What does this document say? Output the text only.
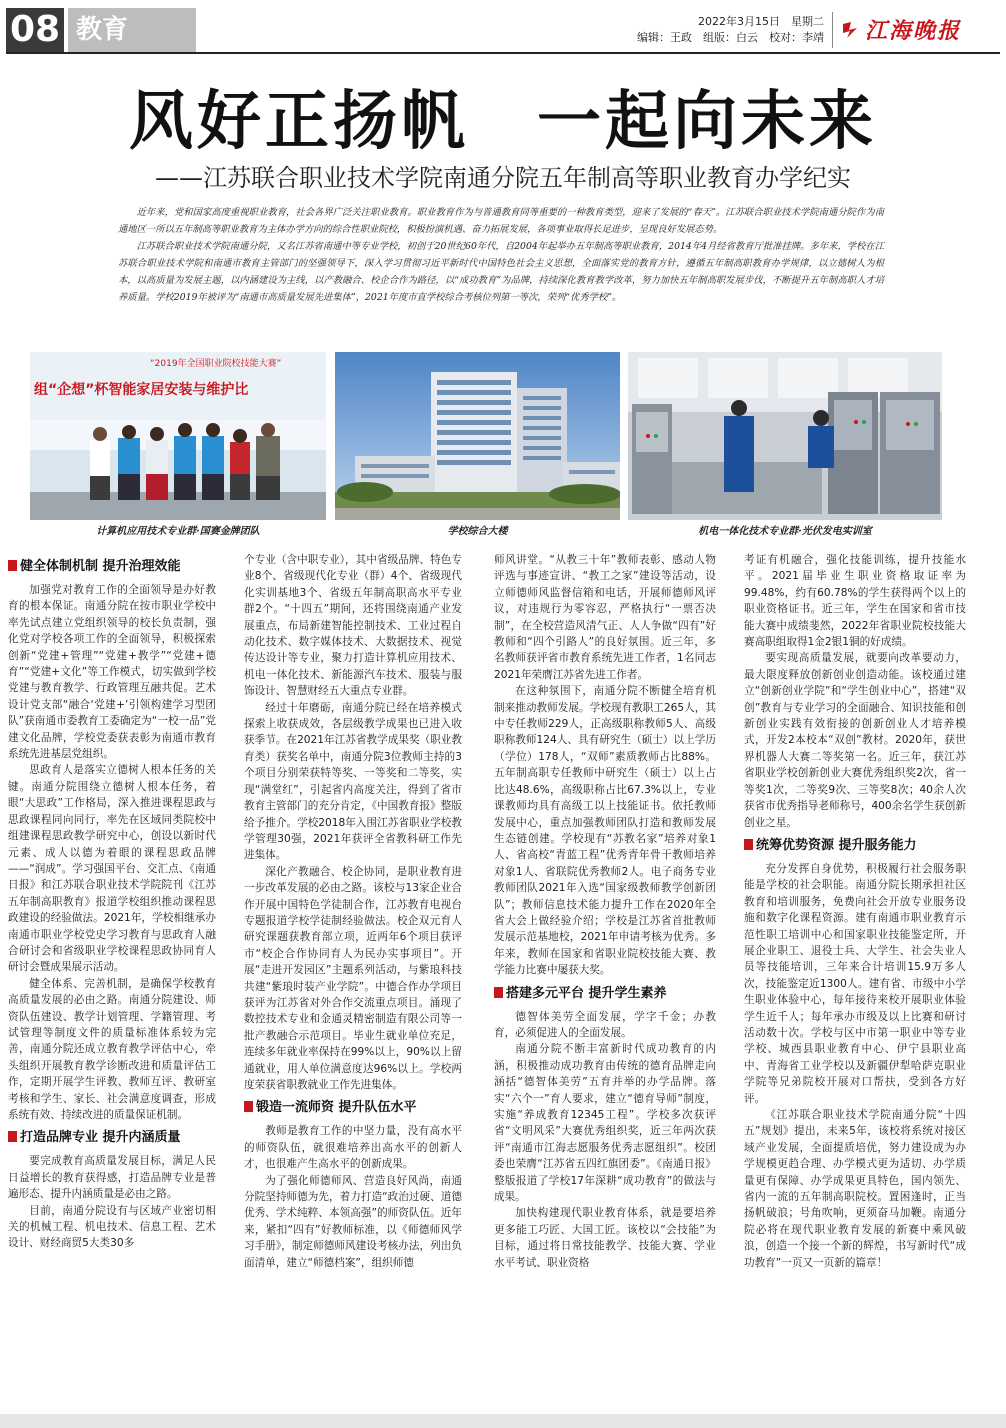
08 教育	2022年3月15日　星期二
编辑：王政　组版：白云　校对：李靖 江海晚报
风好正扬帆　一起向未来
——江苏联合职业技术学院南通分院五年制高等职业教育办学纪实

近年来，党和国家高度重视职业教育，社会各界广泛关注职业教育。职业教育作为与普通教育同等重要的一种教育类型，迎来了发展的“春天”。江苏联合职业技术学院南通分院作为南通地区一所以五年制高等职业教育为主体办学方向的综合性职业院校，积极扮演机遇、奋力拓展发展，各项事业取得长足进步，呈现良好发展态势。

江苏联合职业技术学院南通分院，又名江苏省南通中等专业学校，初创于20世纪60年代，自2004年起举办五年制高等职业教育，2014年4月经省教育厅批准挂牌。多年来，学校在江苏联合职业技术学院和南通市教育主管部门的坚强领导下，深入学习贯彻习近平新时代中国特色社会主义思想，全面落实党的教育方针，遵循五年制高职教育办学规律，以立德树人为根本，以高质量为发展主题，以内涵建设为主线，以产教融合、校企合作为路径，以“成功教育”为品牌，持续深化教育教学改革，努力加快五年制高职发展步伐，不断提升五年制高职人才培养质量。学校2019年被评为“南通市高质量发展先进集体”，2021年度市直学校综合考核位列第一等次，荣列“优秀学校”。

“2019年全国职业院校技能大赛”
组“企想”杯智能家居安装与维护比
计算机应用技术专业群·国赛金牌团队	学校综合大楼	机电一体化技术专业群·光伏发电实训室
健全体制机制 提升治理效能

加强党对教育工作的全面领导是办好教育的根本保证。南通分院在按市职业学校中率先试点建立党组织领导的校长负责制，强化党对学校各项工作的全面领导，积极探索创新“党建+管理”“党建+教学”“党建+德育”“党建+文化”等工作模式，切实做到学校党建与教育教学、行政管理互融共促。艺术设计党支部“融合‘党建+’引领构建学习型团队”获南通市委教育工委确定为“一校一品”党建文化品牌，学校党委获表彰为南通市教育系统先进基层党组织。

思政育人是落实立德树人根本任务的关键。南通分院围绕立德树人根本任务，着眼“大思政”工作格局，深入推进课程思政与思政课程同向同行，率先在区域同类院校中组建课程思政教学研究中心，创设以新时代元素、成人以德为着眼的课程思政品牌——“润成”。学习强国平台、交汇点、《南通日报》和江苏联合职业技术学院院刊《江苏五年制高职教育》报道学校组织推动课程思政建设的经验做法。2021年，学校相继承办南通市职业学校党史学习教育与思政育人融合研讨会和省级职业学校课程思政协同育人研讨会暨成果展示活动。

健全体系、完善机制，是确保学校教育高质量发展的必由之路。南通分院建设、师资队伍建设、教学计划管理、学籍管理、考试管理等制度文件的质量标准体系较为完善，南通分院还成立教育教学评估中心，牵头组织开展教育教学诊断改进和质量评估工作，定期开展学生评教、教师互评、教研室考核和学生、家长、社会满意度调查，形成系统有效、持续改进的质量保证机制。

打造品牌专业 提升内涵质量

要完成教育高质量发展目标，满足人民日益增长的教育获得感，打造品牌专业是普遍形态、提升内涵质量是必由之路。

目前，南通分院设有与区域产业密切相关的机械工程、机电技术、信息工程、艺术设计、财经商贸5大类30多

个专业（含中职专业），其中省级品牌、特色专业8个、省级现代化专业（群）4个、省级现代化实训基地3个、省级五年制高职高水平专业群2个。“十四五”期间，还将围绕南通产业发展重点，布局新建智能控制技术、工业过程自动化技术、数字媒体技术、大数据技术、视觉传达设计等专业，聚力打造计算机应用技术、机电一体化技术、新能源汽车技术、服装与服饰设计、智慧财经五大重点专业群。

经过十年磨砺，南通分院已经在培养模式探索上收获成效，各层级教学成果也已进入收获季节。在2021年江苏省教学成果奖（职业教育类）获奖名单中，南通分院3位教师主持的3个项目分别荣获特等奖、一等奖和二等奖，实现“满堂红”，引起省内高度关注，得到了省市教育主管部门的充分肯定，《中国教育报》整版给予推介。学校2018年入围江苏省职业学校教学管理30强，2021年获评全省教科研工作先进集体。

深化产教融合、校企协同，是职业教育进一步改革发展的必由之路。该校与13家企业合作开展中国特色学徒制合作，江苏教育电视台专题报道学校学徒制经验做法。校企双元育人研究课题获教育部立项，近两年6个项目获评市“校企合作协同育人为民办实事项目”。开展“走进开发园区”主题系列活动，与紫琅科技共建“紫琅时装产业学院”。中德合作办学项目获评为江苏省对外合作交流重点项目。涌现了数控技术专业和金通灵精密制造有限公司等一批产教融合示范项目。毕业生就业单位充足，连续多年就业率保持在99%以上，90%以上留通就业，用人单位满意度达96%以上。学校两度荣获省职教就业工作先进集体。

锻造一流师资 提升队伍水平

教师是教育工作的中坚力量，没有高水平的师资队伍，就很难培养出高水平的创新人才，也很难产生高水平的创新成果。

为了强化师德师风、营造良好风尚，南通分院坚持师德为先，着力打造“政治过硬、道德优秀、学术纯粹、本领高强”的师资队伍。近年来，紧扣“四有”好教师标准，以《师德师风学习手册》，制定师德师风建设考核办法，列出负面清单，建立“师德档案”，组织师德

师风讲堂。“从教三十年”教师表彰、感动人物评选与事迹宣讲、“教工之家”建设等活动，设立师德师风监督信箱和电话，开展师德师风评议，对违规行为零容忍，严格执行“一票否决制”，在全校营造风清气正、人人争做“四有”好教师和“四个引路人”的良好氛围。近三年，多名教师获评省市教育系统先进工作者，1名同志2021年荣膺江苏省先进工作者。

在这种氛围下，南通分院不断健全培育机制来推动教师发展。学校现有教职工265人，其中专任教师229人，正高级职称教师5人、高级职称教师124人、具有研究生（硕士）以上学历（学位）178人，“双师”素质教师占比88%。五年制高职专任教师中研究生（硕士）以上占比达48.6%，高级职称占比67.3%以上，专业课教师均具有高级工以上技能证书。依托教师发展中心，重点加强教师团队打造和教师发展生态链创建。学校现有“苏教名家”培养对象1人、省高校“青蓝工程”优秀青年骨干教师培养对象1人、省联院优秀教师2人。电子商务专业教师团队2021年入选“国家级教师教学创新团队”；教师信息技术能力提升工作在2020年全省大会上做经验介绍；学校是江苏省首批教师发展示范基地校，2021年申请考核为优秀。多年来，教师在国家和省职业院校技能大赛、教学能力比赛中屡获大奖。

搭建多元平台 提升学生素养

德智体美劳全面发展，学字千金；办教育，必须促进人的全面发展。

南通分院不断丰富新时代成功教育的内涵，积极推动成功教育由传统的德育品牌走向涵括“德智体美劳”五育并举的办学品牌。落实“六个一”育人要求，建立“德育导师”制度，实施“养成教育12345工程”。学校多次获评省“文明风采”大赛优秀组织奖，近三年两次获评“南通市江海志愿服务优秀志愿组织”。校团委也荣膺“江苏省五四红旗团委”。《南通日报》整版报道了学校17年深耕“成功教育”的做法与成果。

加快构建现代职业教育体系，就是要培养更多能工巧匠、大国工匠。该校以“会技能”为目标，通过将日常技能教学、技能大赛、学业水平考试、职业资格

考证有机融合，强化技能训练，提升技能水平。2021届毕业生职业资格取证率为99.48%，约有60.78%的学生获得两个以上的职业资格证书。近三年，学生在国家和省市技能大赛中成绩斐然，2022年省职业院校技能大赛高职组取得1金2银1铜的好成绩。

要实现高质量发展，就要向改革要动力，最大限度释放创新创业创造动能。该校通过建立“创新创业学院”和“学生创业中心”，搭建“双创”教育与专业学习的全面融合、知识技能和创新创业实践有效衔接的创新创业人才培养模式，开发2本校本“双创”教材。2020年，获世界机器人大赛二等奖第一名。近三年，获江苏省职业学校创新创业大赛优秀组织奖2次，省一等奖1次，二等奖9次、三等奖8次；40余人次获省市优秀指导老师称号，400余名学生获创新创业之星。

统筹优势资源 提升服务能力

充分发挥自身优势，积极履行社会服务职能是学校的社会职能。南通分院长期承担社区教育和培训服务，免费向社会开放专业服务设施和数字化课程资源。建有南通市职业教育示范性职工培训中心和国家职业技能鉴定所，开展企业职工、退役士兵、大学生、社会失业人员等技能培训，三年来合计培训15.9万多人次，技能鉴定近1300人。建有省、市级中小学生职业体验中心，每年接待来校开展职业体验学生近千人；每年承办市级及以上比赛和研讨活动数十次。学校与区中市第一职业中等专业学校、城西县职业教育中心、伊宁县职业高中、青海省工业学校以及新疆伊犁哈萨克职业学院等兄弟院校开展对口帮扶，受到各方好评。

《江苏联合职业技术学院南通分院“十四五”规划》提出，未来5年，该校将系统对接区域产业发展，全面提质培优，努力建设成为办学规模更趋合理、办学模式更为适切、办学质量更有保障、办学成果更具特色，国内领先、省内一流的五年制高职院校。置困逢时，正当扬帆破浪；号角吹响，更须奋马加鞭。南通分院必将在现代职业教育发展的新赛中乘风破浪，创造一个接一个新的辉煌，书写新时代“成功教育”一页又一页新的篇章！
